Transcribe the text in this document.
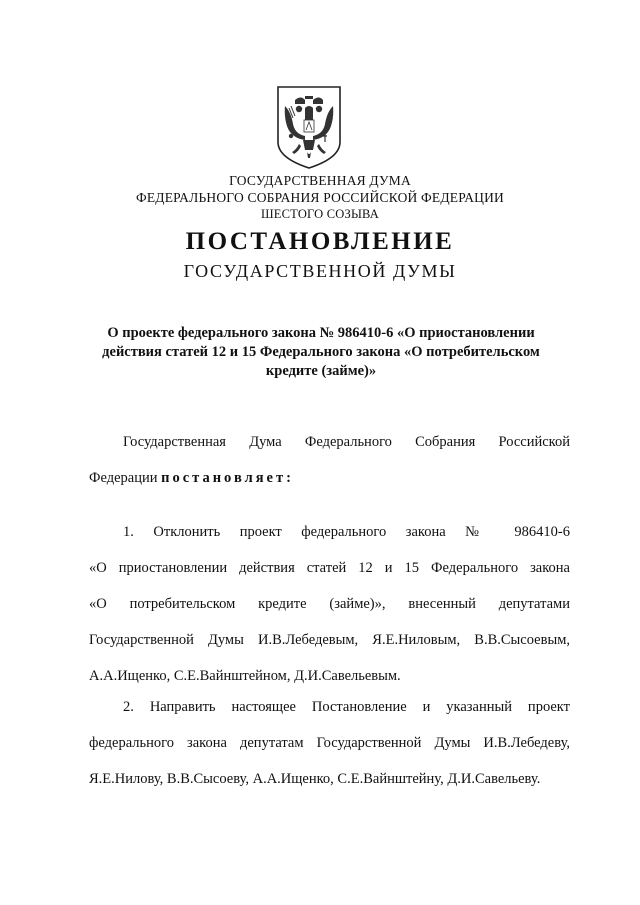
ГОСУДАРСТВЕННАЯ ДУМА
ФЕДЕРАЛЬНОГО СОБРАНИЯ РОССИЙСКОЙ ФЕДЕРАЦИИ
ШЕСТОГО СОЗЫВА
ПОСТАНОВЛЕНИЕ
ГОСУДАРСТВЕННОЙ ДУМЫ
О проекте федерального закона № 986410-6 «О приостановлении
действия статей 12 и 15 Федерального закона «О потребительском
кредите (займе)»
Государственная Дума Федерального Собрания Российской
Федерации постановляет:
1. Отклонить проект федерального закона № 986410-6
«О приостановлении действия статей 12 и 15 Федерального закона
«О потребительском кредите (займе)», внесенный депутатами
Государственной Думы И.В.Лебедевым, Я.Е.Ниловым, В.В.Сысоевым,
А.А.Ищенко, С.Е.Вайнштейном, Д.И.Савельевым.
2. Направить настоящее Постановление и указанный проект
федерального закона депутатам Государственной Думы И.В.Лебедеву,
Я.Е.Нилову, В.В.Сысоеву, А.А.Ищенко, С.Е.Вайнштейну, Д.И.Савельеву.
